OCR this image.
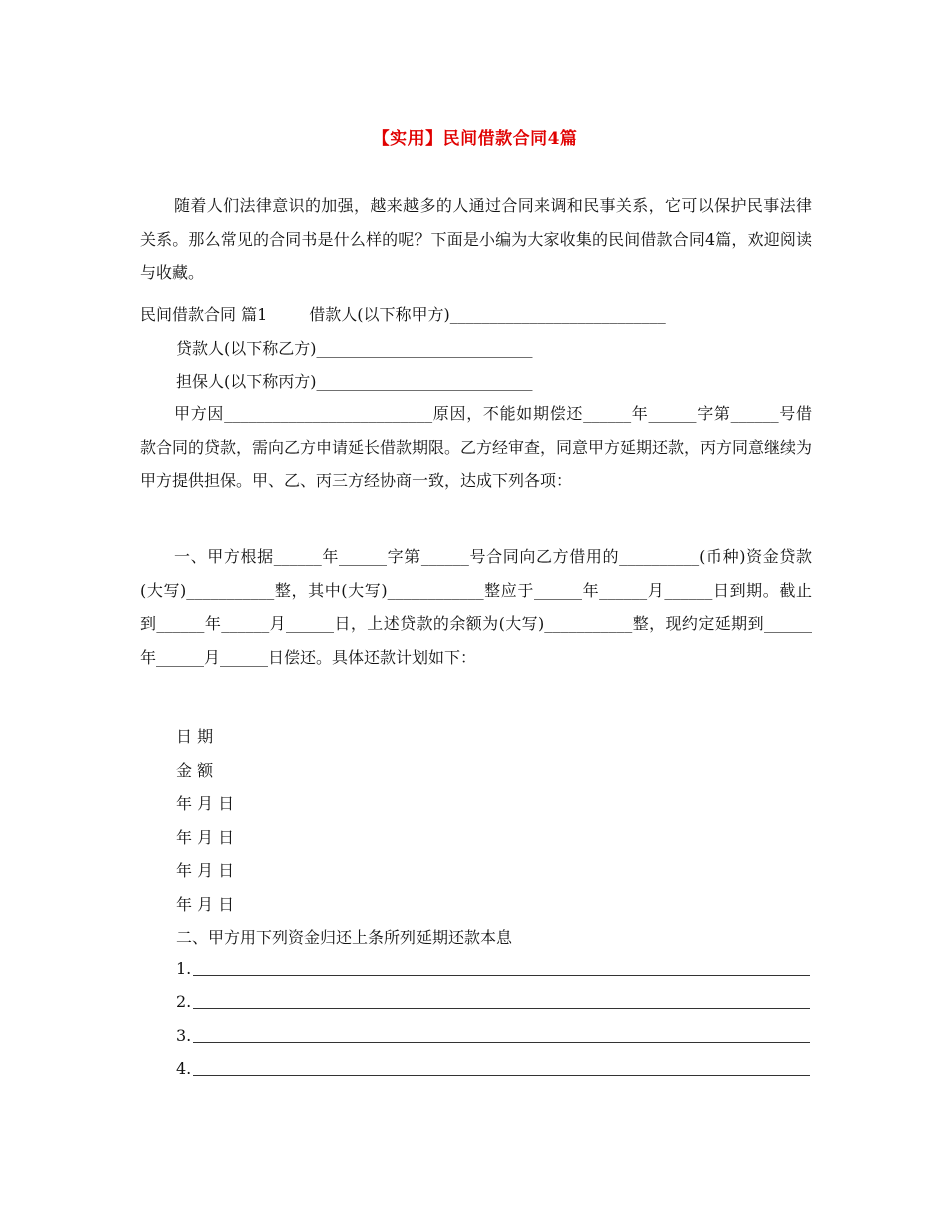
【实用】民间借款合同4篇

随着人们法律意识的加强，越来越多的人通过合同来调和民事关系，它可以保护民事法律关系。那么常见的合同书是什么样的呢？下面是小编为大家收集的民间借款合同4篇，欢迎阅读与收藏。

民间借款合同 篇1	借款人(以下称甲方)___________________________
贷款人(以下称乙方)___________________________
担保人(以下称丙方)___________________________

甲方因__________________________原因，不能如期偿还______年______字第______号借款合同的贷款，需向乙方申请延长借款期限。乙方经审查，同意甲方延期还款，丙方同意继续为甲方提供担保。甲、乙、丙三方经协商一致，达成下列各项：

一、甲方根据______年______字第______号合同向乙方借用的__________(币种)资金贷款(大写)___________整，其中(大写)____________整应于______年______月______日到期。截止到______年______月______日，上述贷款的余额为(大写)___________整，现约定延期到______年______月______日偿还。具体还款计划如下：

日 期
金 额
年 月 日
年 月 日
年 月 日
年 月 日
二、甲方用下列资金归还上条所列延期还款本息
1.
2.
3.
4.
